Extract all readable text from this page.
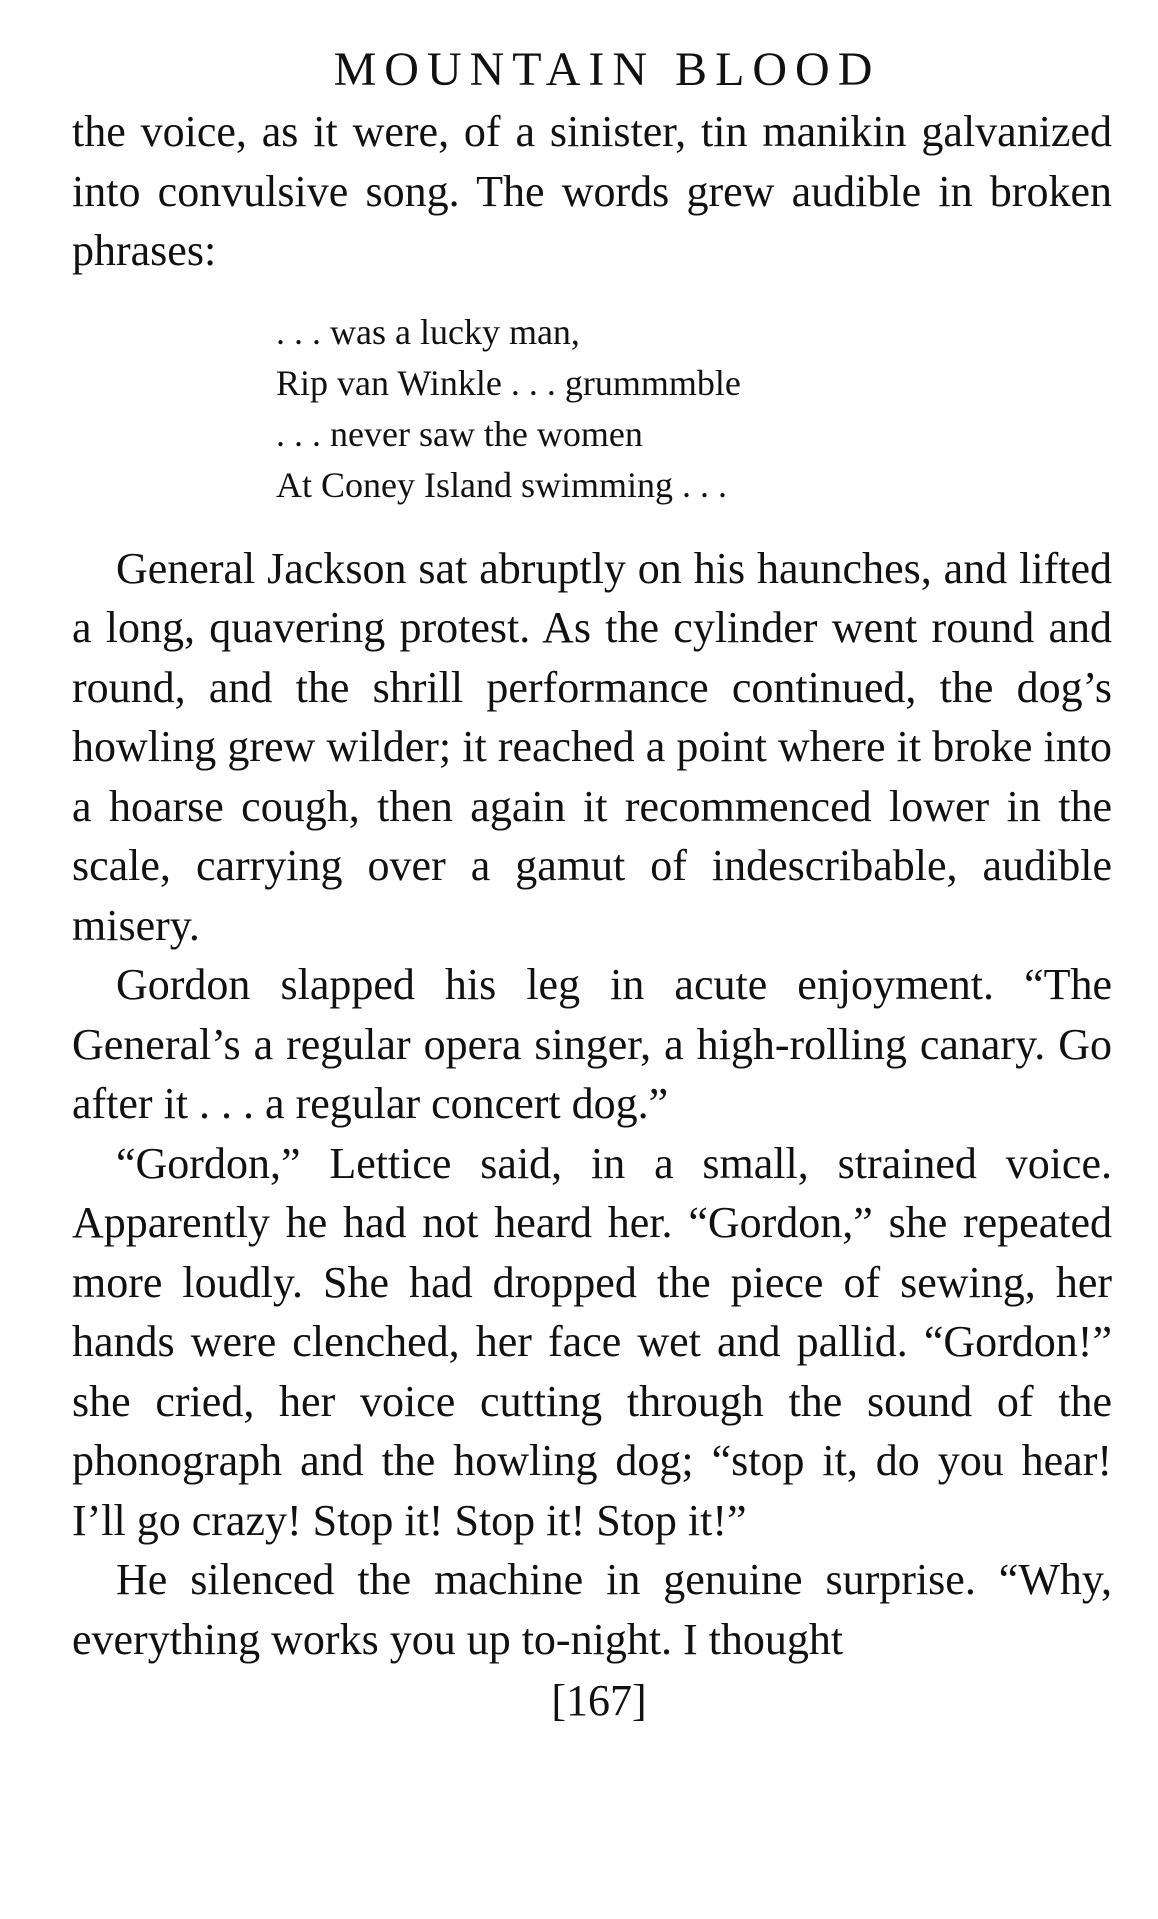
MOUNTAIN BLOOD

the voice, as it were, of a sinister, tin manikin galvanized into convulsive song. The words grew audible in broken phrases:

. . . was a lucky man,
Rip van Winkle . . . grummmble
. . . never saw the women
At Coney Island swimming . . .

General Jackson sat abruptly on his haunches, and lifted a long, quavering protest. As the cylinder went round and round, and the shrill performance continued, the dog’s howling grew wilder; it reached a point where it broke into a hoarse cough, then again it recommenced lower in the scale, carrying over a gamut of indescribable, audible misery.

Gordon slapped his leg in acute enjoyment. “The General’s a regular opera singer, a high-rolling canary. Go after it . . . a regular concert dog.”

“Gordon,” Lettice said, in a small, strained voice. Apparently he had not heard her. “Gordon,” she repeated more loudly. She had dropped the piece of sewing, her hands were clenched, her face wet and pallid. “Gordon!” she cried, her voice cutting through the sound of the phonograph and the howling dog; “stop it, do you hear! I’ll go crazy! Stop it! Stop it! Stop it!”

He silenced the machine in genuine surprise. “Why, everything works you up to-night. I thought

[167]
